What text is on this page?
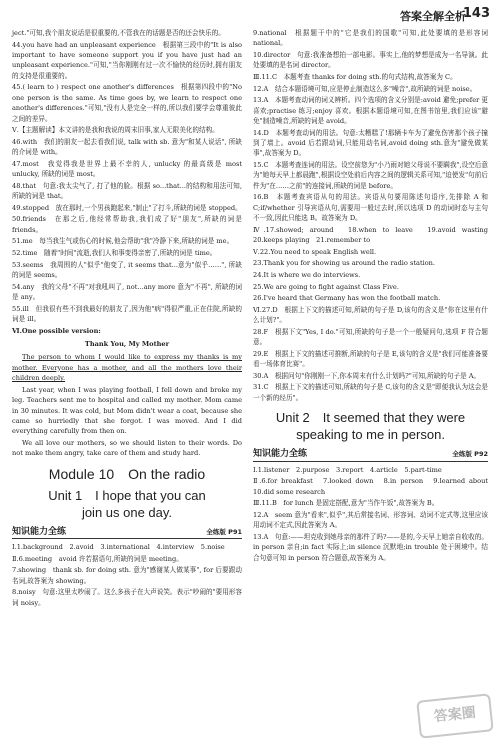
答案全解全析
143

ject."可知,我个朋友说话是很重要的,不管我在的话题是否的还会快乐的。

44.you have had an unpleasant experience　根据第三段中的"It is also important to have someone support you if you have just had an unpleasant experience."可知,"当你刚刚有过一次不愉快的经历时,拥有朋友的支持是很重要的。

45.( learn to ) respect one another's differences　根据第四段中的"No one person is the same. As time goes by, we learn to respect one another's differences."可知,"没有人是完全一样的,所以我们要学会尊重彼此之间的差异。

Ⅴ.【主题解读】本文讲的是我和我说的周末旧事,家人无限美化的结构。

46.with　我们的朋友一起去看我们说, talk with sb. 意为"和某人说话", 所缺的介词是 with。

47.most　我觉得我是世界上最不幸的人, unlucky 的最高级是 most unlucky, 所缺的词是 most。

48.that　句意:我太尖气了, 打了他的脸。根据 so...that...的结构和用法可知,所缺的词是 that。

49.stopped　放在那时,一个男孩跑起来,"制止"了打斗,所缺的词是 stopped。

50.friends　在那之后,他经常帮助我,我们成了好"朋友",所缺的词是 friends。

51.me　每当我生气或伤心的时候,他会帮助"我"冷静下来,所缺的词是 me。

52.time　随着"时间"流逝,我们人和事变得亲密了,所缺的词是 time。

53.seems　我周围的人"似乎"他变了, it seems that...意为"似乎……", 所缺的词是 seems。

54.any　我的父母"不再"对我吼叫了, not...any more 意为"不再", 所缺的词是 any。

55.ill　但我很有些不到我最好的朋友了,因为他"病"得很严重,正在住院,所缺的词是 ill。

Ⅵ.One possible version:

Thank You, My Mother

The person to whom I would like to express my thanks is my mother. Everyone has a mother, and all the mothers love their children deeply.

Last year, when I was playing football, I fell down and broke my leg. Teachers sent me to hospital and called my mother. Mom came in 30 minutes. It was cold, but Mom didn't wear a coat, because she came so hurriedly that she forgot. I was moved. And I did everything carefully from then on.

We all love our mothers, so we should listen to their words. Do not make them angry, take care of them and study hard.

Module 10　On the radio
Unit 1　I hope that you can
join us one day.
知识能力全练	全练版 P91

Ⅰ.1.background　2.avoid　3.international　4.interview　5.noise

Ⅱ.6.meeting　avoid 许若据语句,所缺的词是 meeting。

7.showing　thank sb. for doing sth. 意为"感谢某人做某事", for 后要跟动名词,故答案为 showing。

8.noisy　句意:这里太吵闹了。这么多孩子在大声说笑。表示"吵闹的"要用形容词 noisy。

9.national　根据题干中的"它是我们的国歌"可知,此处要填的是形容词 national。

10.director　句意:我准备想拍一部电影。事实上,他的梦想是成为一名导演。此处要填的是名词 director。

Ⅲ.11.C　本题考查 thanks for doing sth.的句式结构,故答案为 C。

12.A　结合本题语境可知,应是停止制造这么多"噪音",故所缺的词是 noise。

13.A　本题考查动词的词义辨析。四个选项的含义分别是:avoid 避免;prefer 更喜欢;practise 练习;enjoy 喜欢。根据本题语境可知,在图书馆里,我们应该"避免"制造噪音,所缺的词是 avoid。

14.D　本题考查动词的用法。句意:太糟糕了!那辆卡车为了避免伤害那个孩子撞到了墙上。avoid 后若跟动词,只能用动名词,avoid doing sth.意为"避免做某事",故答案为 D。

15.C　本题考查连词的用法。设空前您为"小乃雨对她父母说不要瞒我",设空后意为"她每天早上都晨跑",根据设空处前后内容之间的逻辑关系可知,"迫使发"句前后件为"在……之前"的连接词,所缺的词是 before。

16.B　本题考查宾语从句的用法。宾语从句要用陈述句语序,先排除 A 和 C;if/whether 引导宾语从句,需要用一般过去时,所以选项 D 的动词时态与主句不一致,因此只能选 B。故答案为 D。

Ⅳ.17.showed; around　18.when to leave　19.avoid wasting　20.keeps playing　21.remember to

Ⅴ.22.You need to speak English well.

23.Thank you for showing us around the radio station.

24.It is where we do interviews.

25.We are going to fight against Class Five.

26.I've heard that Germany has won the football match.

Ⅵ.27.D　根据上下文的描述可知,所缺的句子是 D,该句的含义是"你在这里有什么计划?"。

28.F　根据下文"Yes, I do."可知,所缺的句子是一个一般疑问句,选项 F 符合题意。

29.E　根据上下文的描述可推断,所缺的句子是 E,该句的含义是"我们可能准备要看一场体育比赛"。

30.A　根据问句"你刚刚一下,你本周末有什么计划吗?"可知,所缺的句子是 A。

31.C　根据上下文的描述可知,所缺的句子是 C,该句的含义是"即便我认为这会是一个新的经历"。

Unit 2　It seemed that they were
speaking to me in person.
知识能力全练	全练版 P92

Ⅰ.1.listener　2.purpose　3.report　4.article　5.part-time

Ⅱ.6.for breakfast　7.looked down　8.in person　9.learned about　10.did some research

Ⅲ.11.B　for lunch 是固定搭配,意为"当作午饭",故答案为 B。

12.A　seem 意为"看来",似乎",其后常接名词、形容词、动词不定式等,这里应该用动词不定式,因此答案为 A。

13.A　句意:——坦克收到她母亲的那件了吗?——是的,今天早上她亲自收收的。in person 亲自;in fact 实际上;in silence 沉默地;in trouble 处于困境中。结合句意可知 in person 符合题意,故答案为 A。

答案圈
